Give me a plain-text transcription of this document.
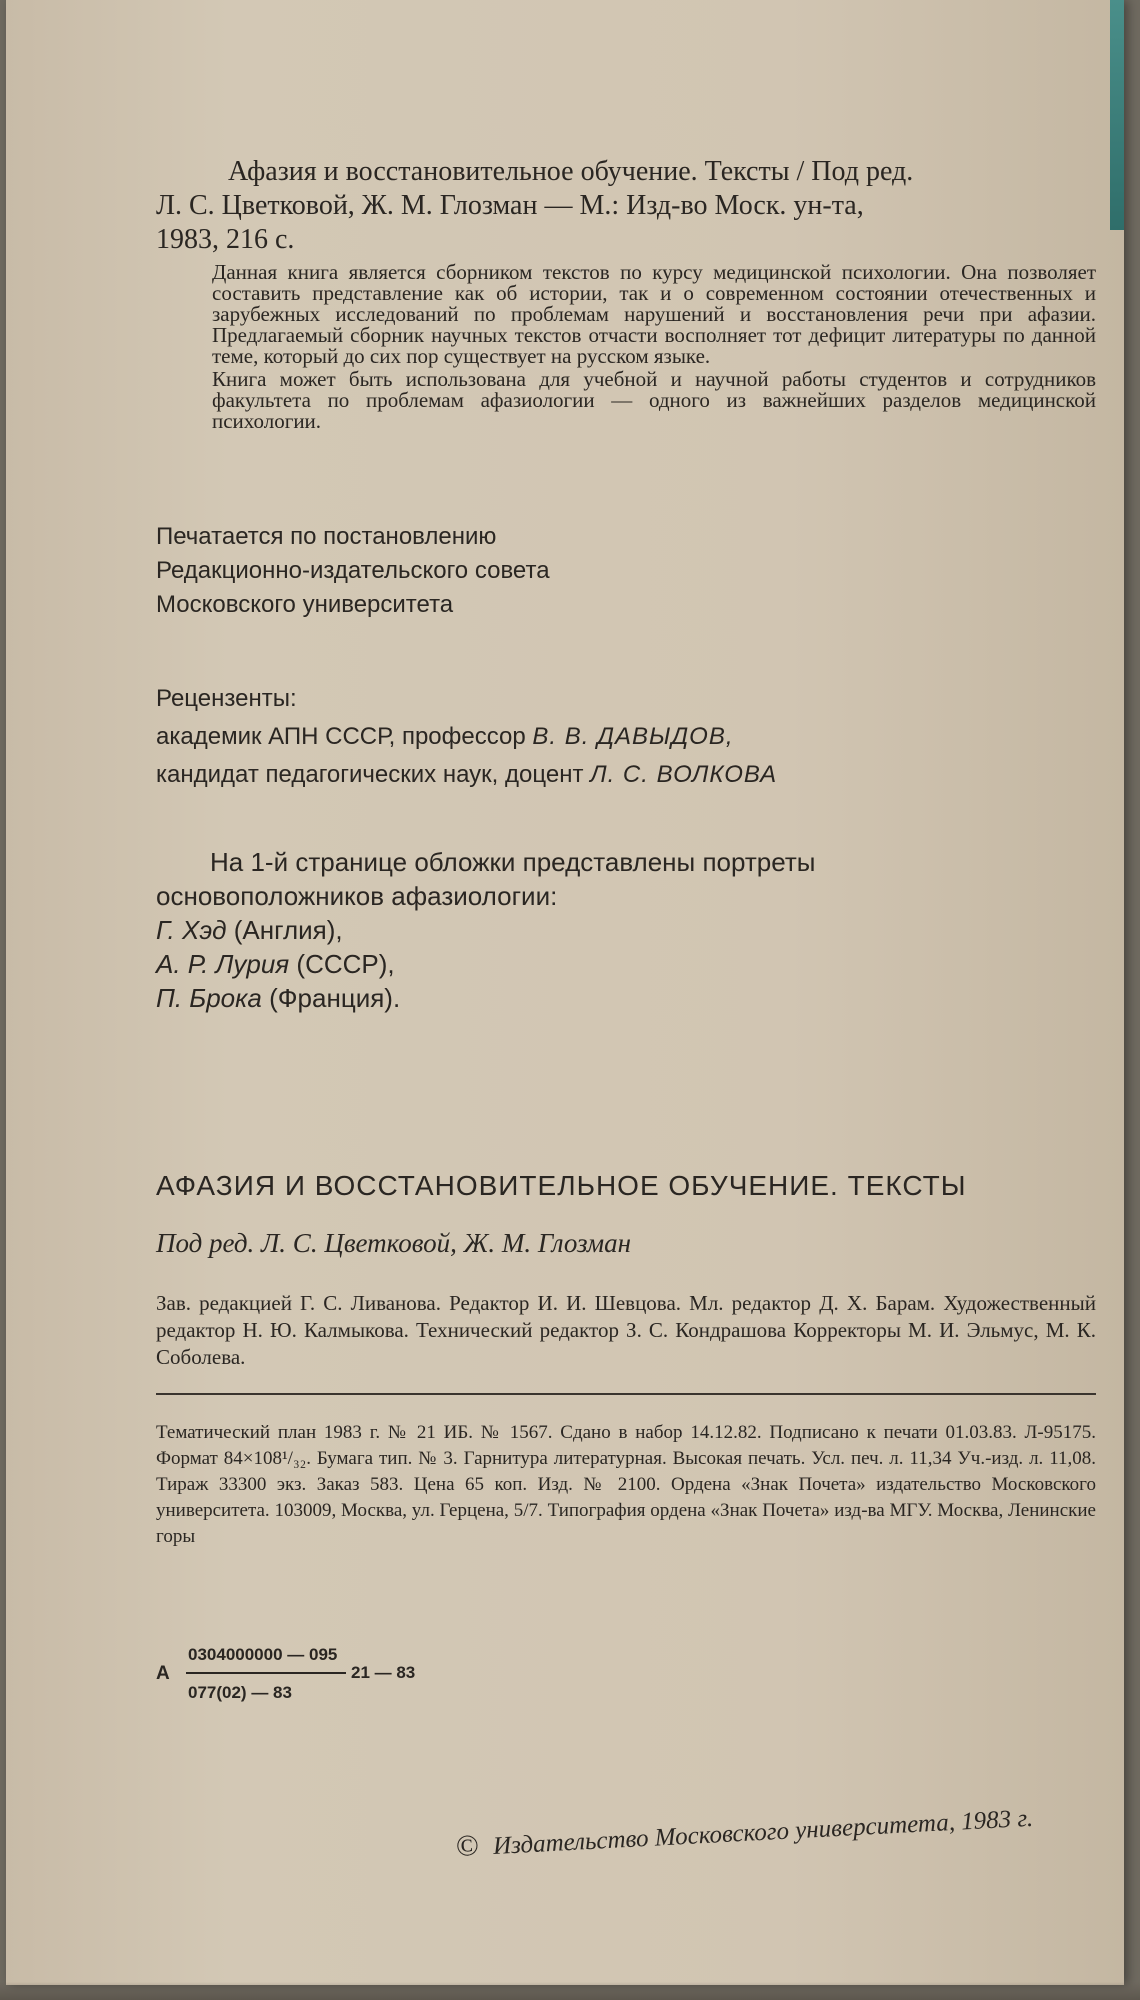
Афазия и восстановительное обучение. Тексты / Под ред.
Л. С. Цветковой, Ж. М. Глозман — М.: Изд-во Моск. ун-та,
1983, 216 с.
Данная книга является сборником текстов по курсу медицинской психологии. Она позволяет составить представление как об истории, так и о современном состоянии отечественных и зарубежных исследований по проблемам нарушений и восстановления речи при афазии. Предлагаемый сборник научных текстов отчасти восполняет тот дефицит литературы по данной теме, который до сих пор существует на русском языке.
Книга может быть использована для учебной и научной работы студентов и сотрудников факультета по проблемам афазиологии — одного из важнейших разделов медицинской психологии.
Печатается по постановлению
Редакционно-издательского совета
Московского университета
Рецензенты:
академик АПН СССР, профессор В. В. ДАВЫДОВ,
кандидат педагогических наук, доцент Л. С. ВОЛКОВА
На 1-й странице обложки представлены портреты
основоположников афазиологии:
Г. Хэд (Англия),
А. Р. Лурия (СССР),
П. Брока (Франция).
АФАЗИЯ И ВОССТАНОВИТЕЛЬНОЕ ОБУЧЕНИЕ. ТЕКСТЫ
Под ред. Л. С. Цветковой, Ж. М. Глозман
Зав. редакцией Г. С. Ливанова. Редактор И. И. Шевцова. Мл. редактор Д. Х. Барам. Художественный редактор Н. Ю. Калмыкова. Технический редактор З. С. Кондрашова Корректоры М. И. Эльмус, М. К. Соболева.
Тематический план 1983 г. № 21 ИБ. № 1567. Сдано в набор 14.12.82. Подписано к печати 01.03.83. Л-95175. Формат 84×108¹/₃₂. Бумага тип. № 3. Гарнитура литературная. Высокая печать. Усл. печ. л. 11,34 Уч.-изд. л. 11,08. Тираж 33300 экз. Заказ 583. Цена 65 коп. Изд. № 2100. Ордена «Знак Почета» издательство Московского университета. 103009, Москва, ул. Герцена, 5/7. Типография ордена «Знак Почета» изд-ва МГУ. Москва, Ленинские горы
А
0304000000 — 095
077(02) — 83
21 — 83
© Издательство Московского университета, 1983 г.
